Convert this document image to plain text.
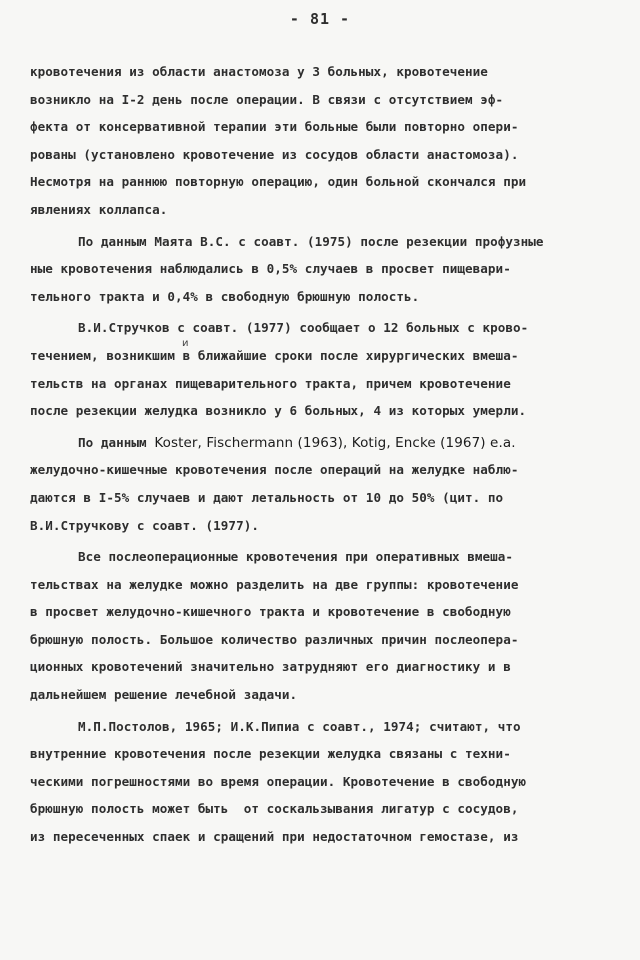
- 81 -
и
кровотечения из области анастомоза у 3 больных, кровотечение
возникло на I-2 день после операции. В связи с отсутствием эф-
фекта от консервативной терапии эти больные были повторно опери-
рованы (установлено кровотечение из сосудов области анастомоза).
Несмотря на раннюю повторную операцию, один больной скончался при
явлениях коллапса.
По данным Маята В.С. с соавт. (1975) после резекции профузные
ные кровотечения наблюдались в 0,5% случаев в просвет пищевари-
тельного тракта и 0,4% в свободную брюшную полость.
В.И.Стручков с соавт. (1977) сообщает о 12 больных с крово-
течением, возникшим в ближайшие сроки после хирургических вмеша-
тельств на органах пищеварительного тракта, причем кровотечение
после резекции желудка возникло у 6 больных, 4 из которых умерли.
По данным Koster, Fischermann (1963), Kotig, Encke (1967) e.a.
желудочно-кишечные кровотечения после операций на желудке наблю-
даются в I-5% случаев и дают летальность от 10 до 50% (цит. по
В.И.Стручкову с соавт. (1977).
Все послеоперационные кровотечения при оперативных вмеша-
тельствах на желудке можно разделить на две группы: кровотечение
в просвет желудочно-кишечного тракта и кровотечение в свободную
брюшную полость. Большое количество различных причин послеопера-
ционных кровотечений значительно затрудняют его диагностику и в
дальнейшем решение лечебной задачи.
М.П.Постолов, 1965; И.К.Пипиа с соавт., 1974; считают, что
внутренние кровотечения после резекции желудка связаны с техни-
ческими погрешностями во время операции. Кровотечение в свободную
брюшную полость может быть  от соскальзывания лигатур с сосудов,
из пересеченных спаек и сращений при недостаточном гемостазе, из
